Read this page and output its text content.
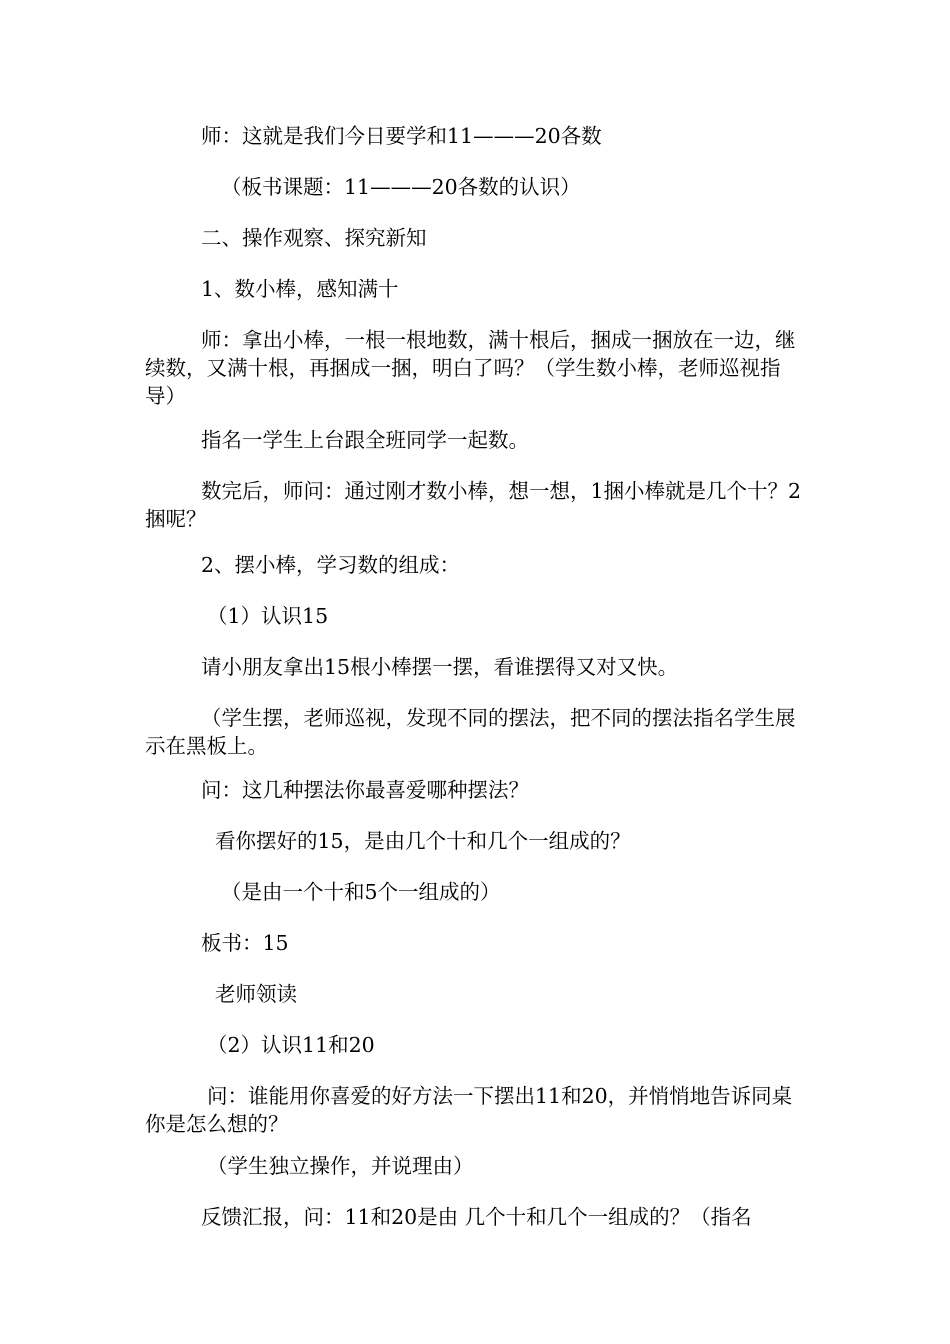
师：这就是我们今日要学和11———20各数

（板书课题：11———20各数的认识）

二、操作观察、探究新知

1、数小棒，感知满十

师：拿出小棒，一根一根地数，满十根后，捆成一捆放在一边，继续数，又满十根，再捆成一捆，明白了吗？（学生数小棒，老师巡视指导）

指名一学生上台跟全班同学一起数。

数完后，师问：通过刚才数小棒，想一想，1捆小棒就是几个十？2捆呢？

2、摆小棒，学习数的组成：

（1）认识15

请小朋友拿出15根小棒摆一摆，看谁摆得又对又快。

（学生摆，老师巡视，发现不同的摆法，把不同的摆法指名学生展示在黑板上。

问：这几种摆法你最喜爱哪种摆法？

看你摆好的15，是由几个十和几个一组成的？

（是由一个十和5个一组成的）

板书：15

老师领读

（2）认识11和20

问：谁能用你喜爱的好方法一下摆出11和20，并悄悄地告诉同桌你是怎么想的？

（学生独立操作，并说理由）

反馈汇报，问：11和20是由 几个十和几个一组成的？（指名
